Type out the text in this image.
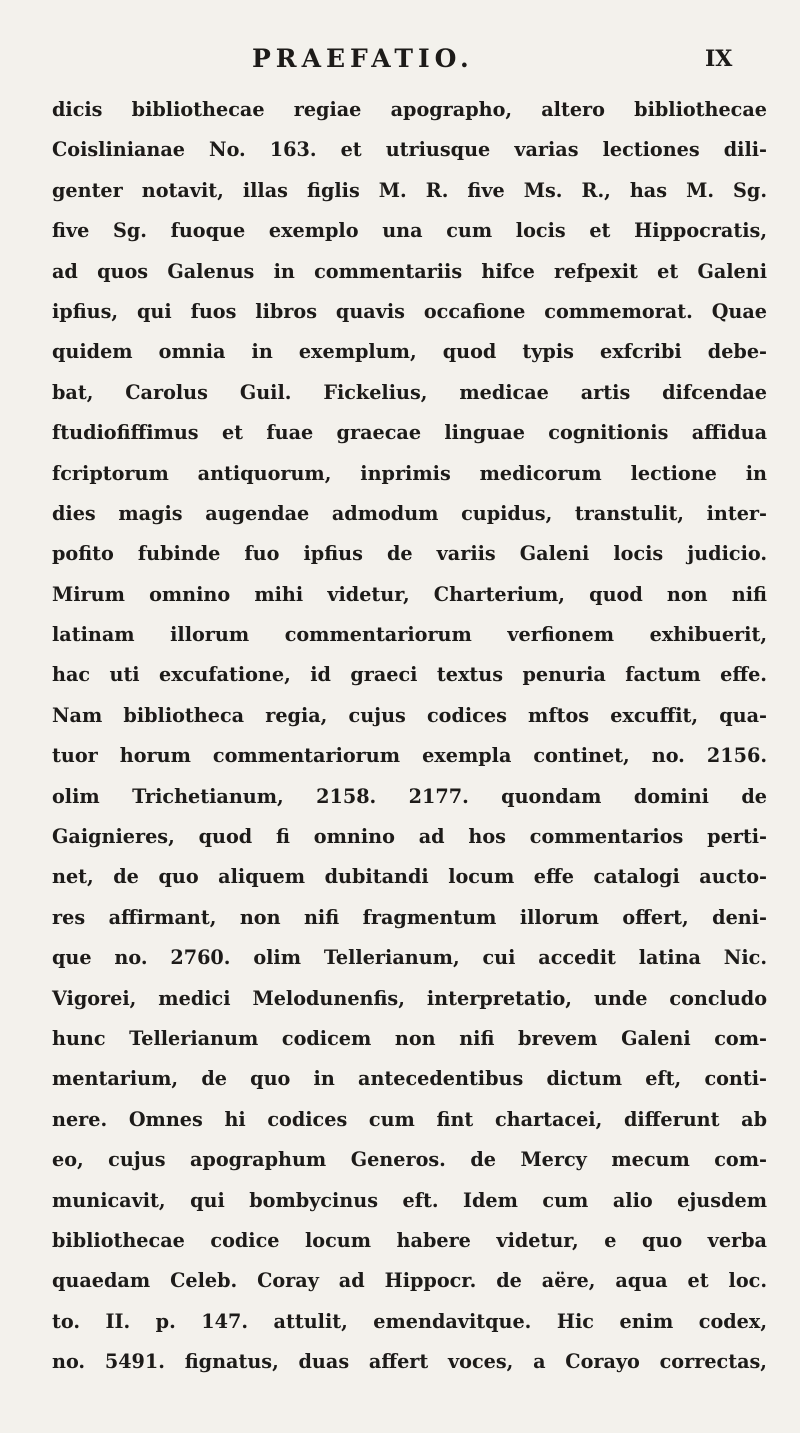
PRAEFATIO.	IX
dicis bibliothecae regiae apographo, altero bibliothecae
Coislinianae No. 163. et utriusque varias lectiones dili-
genter notavit, illas figlis M. R. five Ms. R., has M. Sg.
five Sg. fuoque exemplo una cum locis et Hippocratis,
ad quos Galenus in commentariis hifce refpexit et Galeni
ipfius, qui fuos libros quavis occafione commemorat. Quae
quidem omnia in exemplum, quod typis exfcribi debe-
bat, Carolus Guil. Fickelius, medicae artis difcendae
ftudiofiffimus et fuae graecae linguae cognitionis affidua
fcriptorum antiquorum, inprimis medicorum lectione in
dies magis augendae admodum cupidus, transtulit, inter-
pofito fubinde fuo ipfius de variis Galeni locis judicio.
Mirum omnino mihi videtur, Charterium, quod non nifi
latinam illorum commentariorum verfionem exhibuerit,
hac uti excufatione, id graeci textus penuria factum effe.
Nam bibliotheca regia, cujus codices mftos excuffit, qua-
tuor horum commentariorum exempla continet, no. 2156.
olim Trichetianum, 2158. 2177. quondam domini de
Gaignieres, quod fi omnino ad hos commentarios perti-
net, de quo aliquem dubitandi locum effe catalogi aucto-
res affirmant, non nifi fragmentum illorum offert, deni-
que no. 2760. olim Tellerianum, cui accedit latina Nic.
Vigorei, medici Melodunenfis, interpretatio, unde concludo
hunc Tellerianum codicem non nifi brevem Galeni com-
mentarium, de quo in antecedentibus dictum eft, conti-
nere. Omnes hi codices cum fint chartacei, differunt ab
eo, cujus apographum Generos. de Mercy mecum com-
municavit, qui bombycinus eft. Idem cum alio ejusdem
bibliothecae codice locum habere videtur, e quo verba
quaedam Celeb. Coray ad Hippocr. de aëre, aqua et loc.
to. II. p. 147. attulit, emendavitque. Hic enim codex,
no. 5491. fignatus, duas affert voces, a Corayo correctas,
